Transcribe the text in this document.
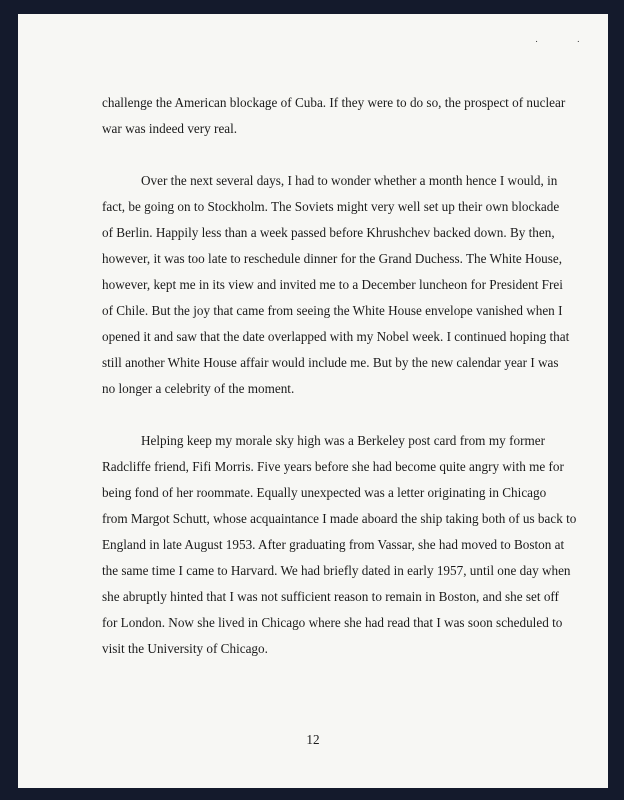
˙ ˙
challenge the American blockage of Cuba. If they were to do so, the prospect of nuclear
war was indeed very real.
Over the next several days, I had to wonder whether a month hence I would, in
fact, be going on to Stockholm. The Soviets might very well set up their own blockade
of Berlin. Happily less than a week passed before Khrushchev backed down. By then,
however, it was too late to reschedule dinner for the Grand Duchess. The White House,
however, kept me in its view and invited me to a December luncheon for President Frei
of Chile. But the joy that came from seeing the White House envelope vanished when I
opened it and saw that the date overlapped with my Nobel week. I continued hoping that
still another White House affair would include me. But by the new calendar year I was
no longer a celebrity of the moment.
Helping keep my morale sky high was a Berkeley post card from my former
Radcliffe friend, Fifi Morris. Five years before she had become quite angry with me for
being fond of her roommate. Equally unexpected was a letter originating in Chicago
from Margot Schutt, whose acquaintance I made aboard the ship taking both of us back to
England in late August 1953. After graduating from Vassar, she had moved to Boston at
the same time I came to Harvard. We had briefly dated in early 1957, until one day when
she abruptly hinted that I was not sufficient reason to remain in Boston, and she set off
for London. Now she lived in Chicago where she had read that I was soon scheduled to
visit the University of Chicago.
12
